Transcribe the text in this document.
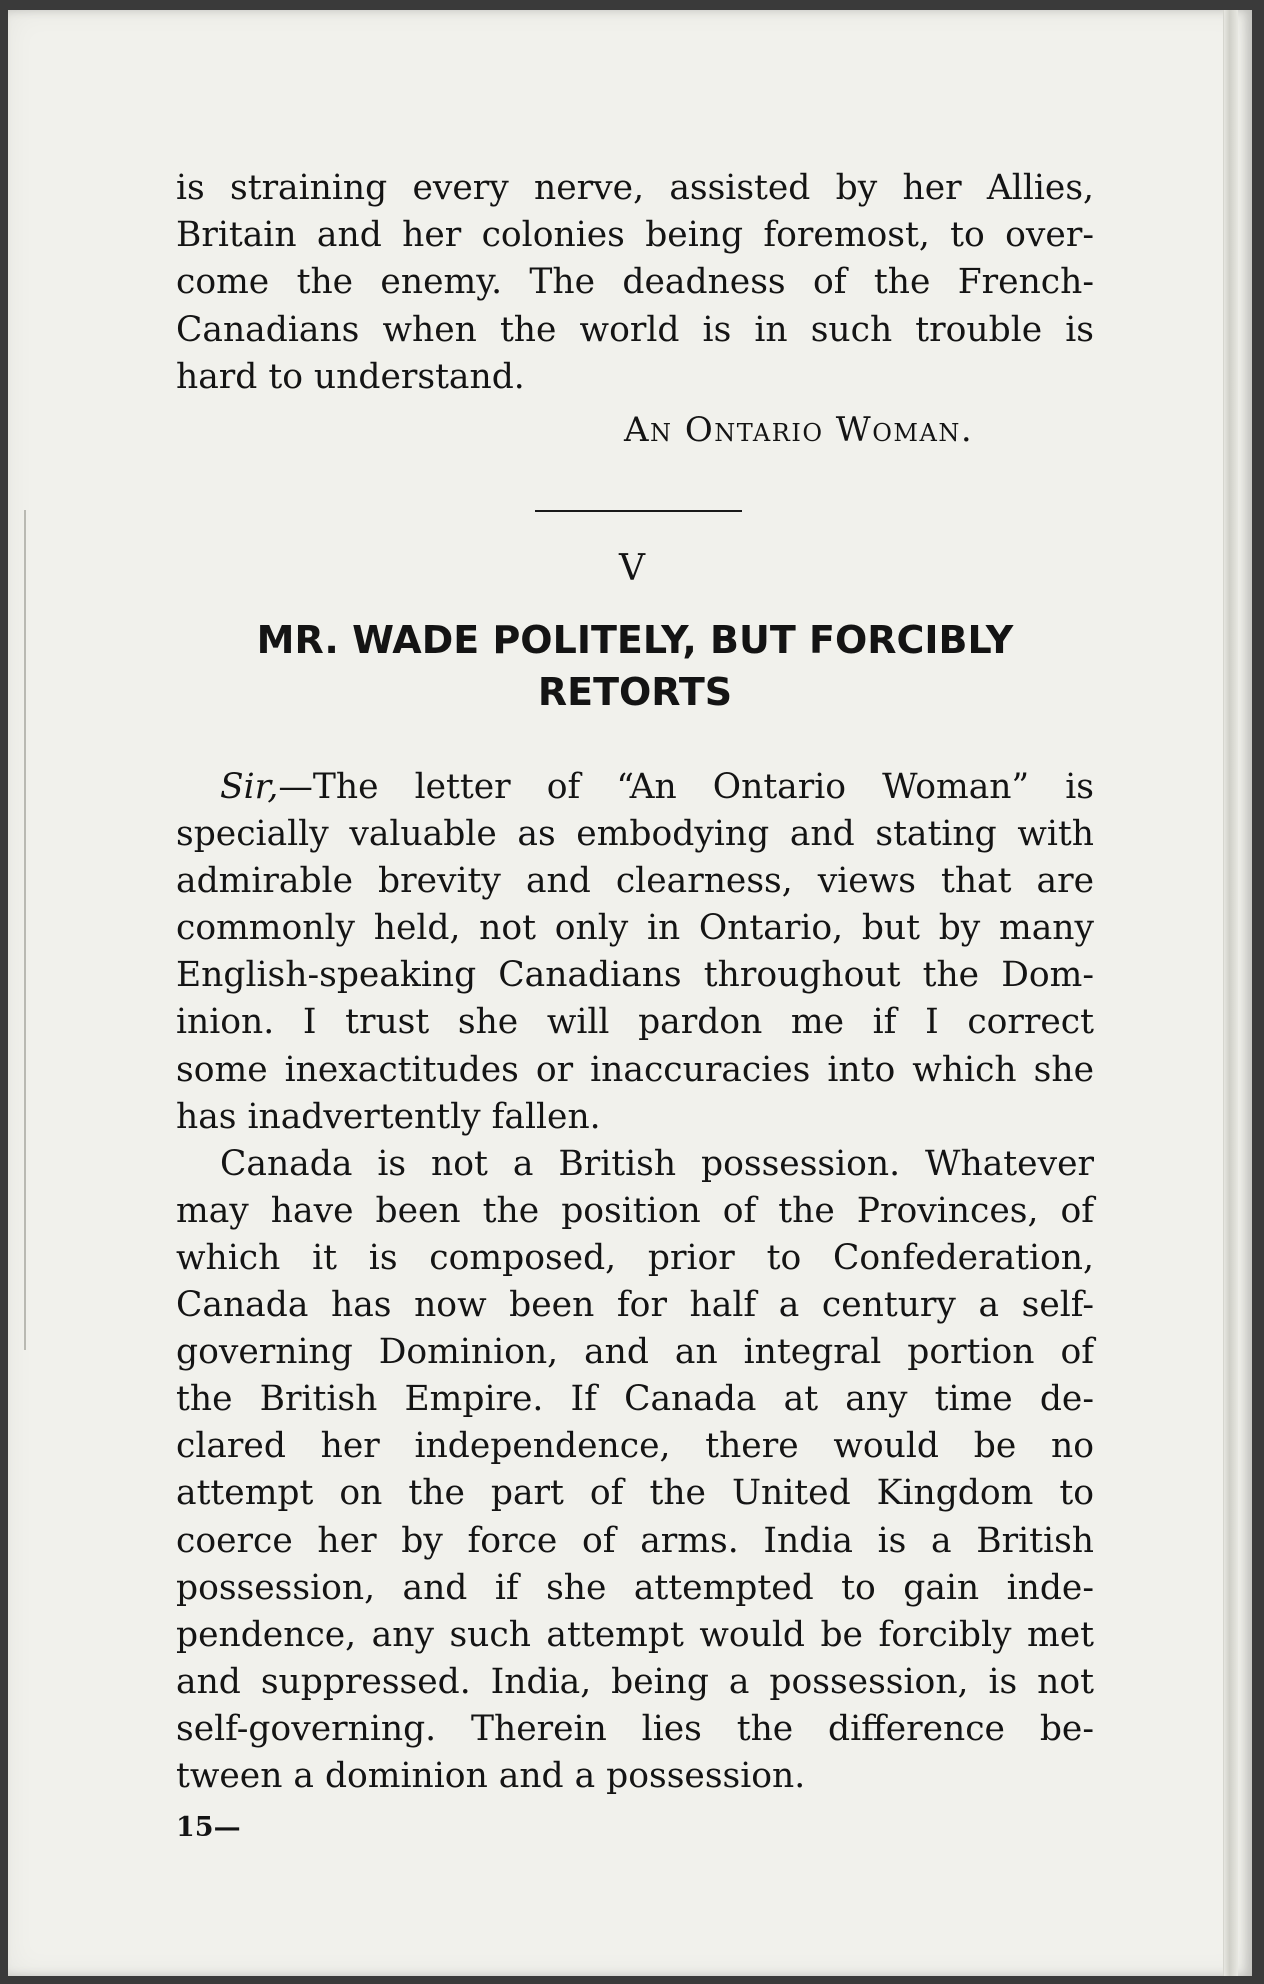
is straining every nerve, assisted by her Allies,
Britain and her colonies being foremost, to over-
come the enemy. The deadness of the French-
Canadians when the world is in such trouble is
hard to understand.
An Ontario Woman.
V
MR. WADE POLITELY, BUT FORCIBLY
RETORTS
Sir,—The letter of “An Ontario Woman” is
specially valuable as embodying and stating with
admirable brevity and clearness, views that are
commonly held, not only in Ontario, but by many
English-speaking Canadians throughout the Dom-
inion. I trust she will pardon me if I correct
some inexactitudes or inaccuracies into which she
has inadvertently fallen.
Canada is not a British possession. Whatever
may have been the position of the Provinces, of
which it is composed, prior to Confederation,
Canada has now been for half a century a self-
governing Dominion, and an integral portion of
the British Empire. If Canada at any time de-
clared her independence, there would be no
attempt on the part of the United Kingdom to
coerce her by force of arms. India is a British
possession, and if she attempted to gain inde-
pendence, any such attempt would be forcibly met
and suppressed. India, being a possession, is not
self-governing. Therein lies the difference be-
tween a dominion and a possession.
15—
